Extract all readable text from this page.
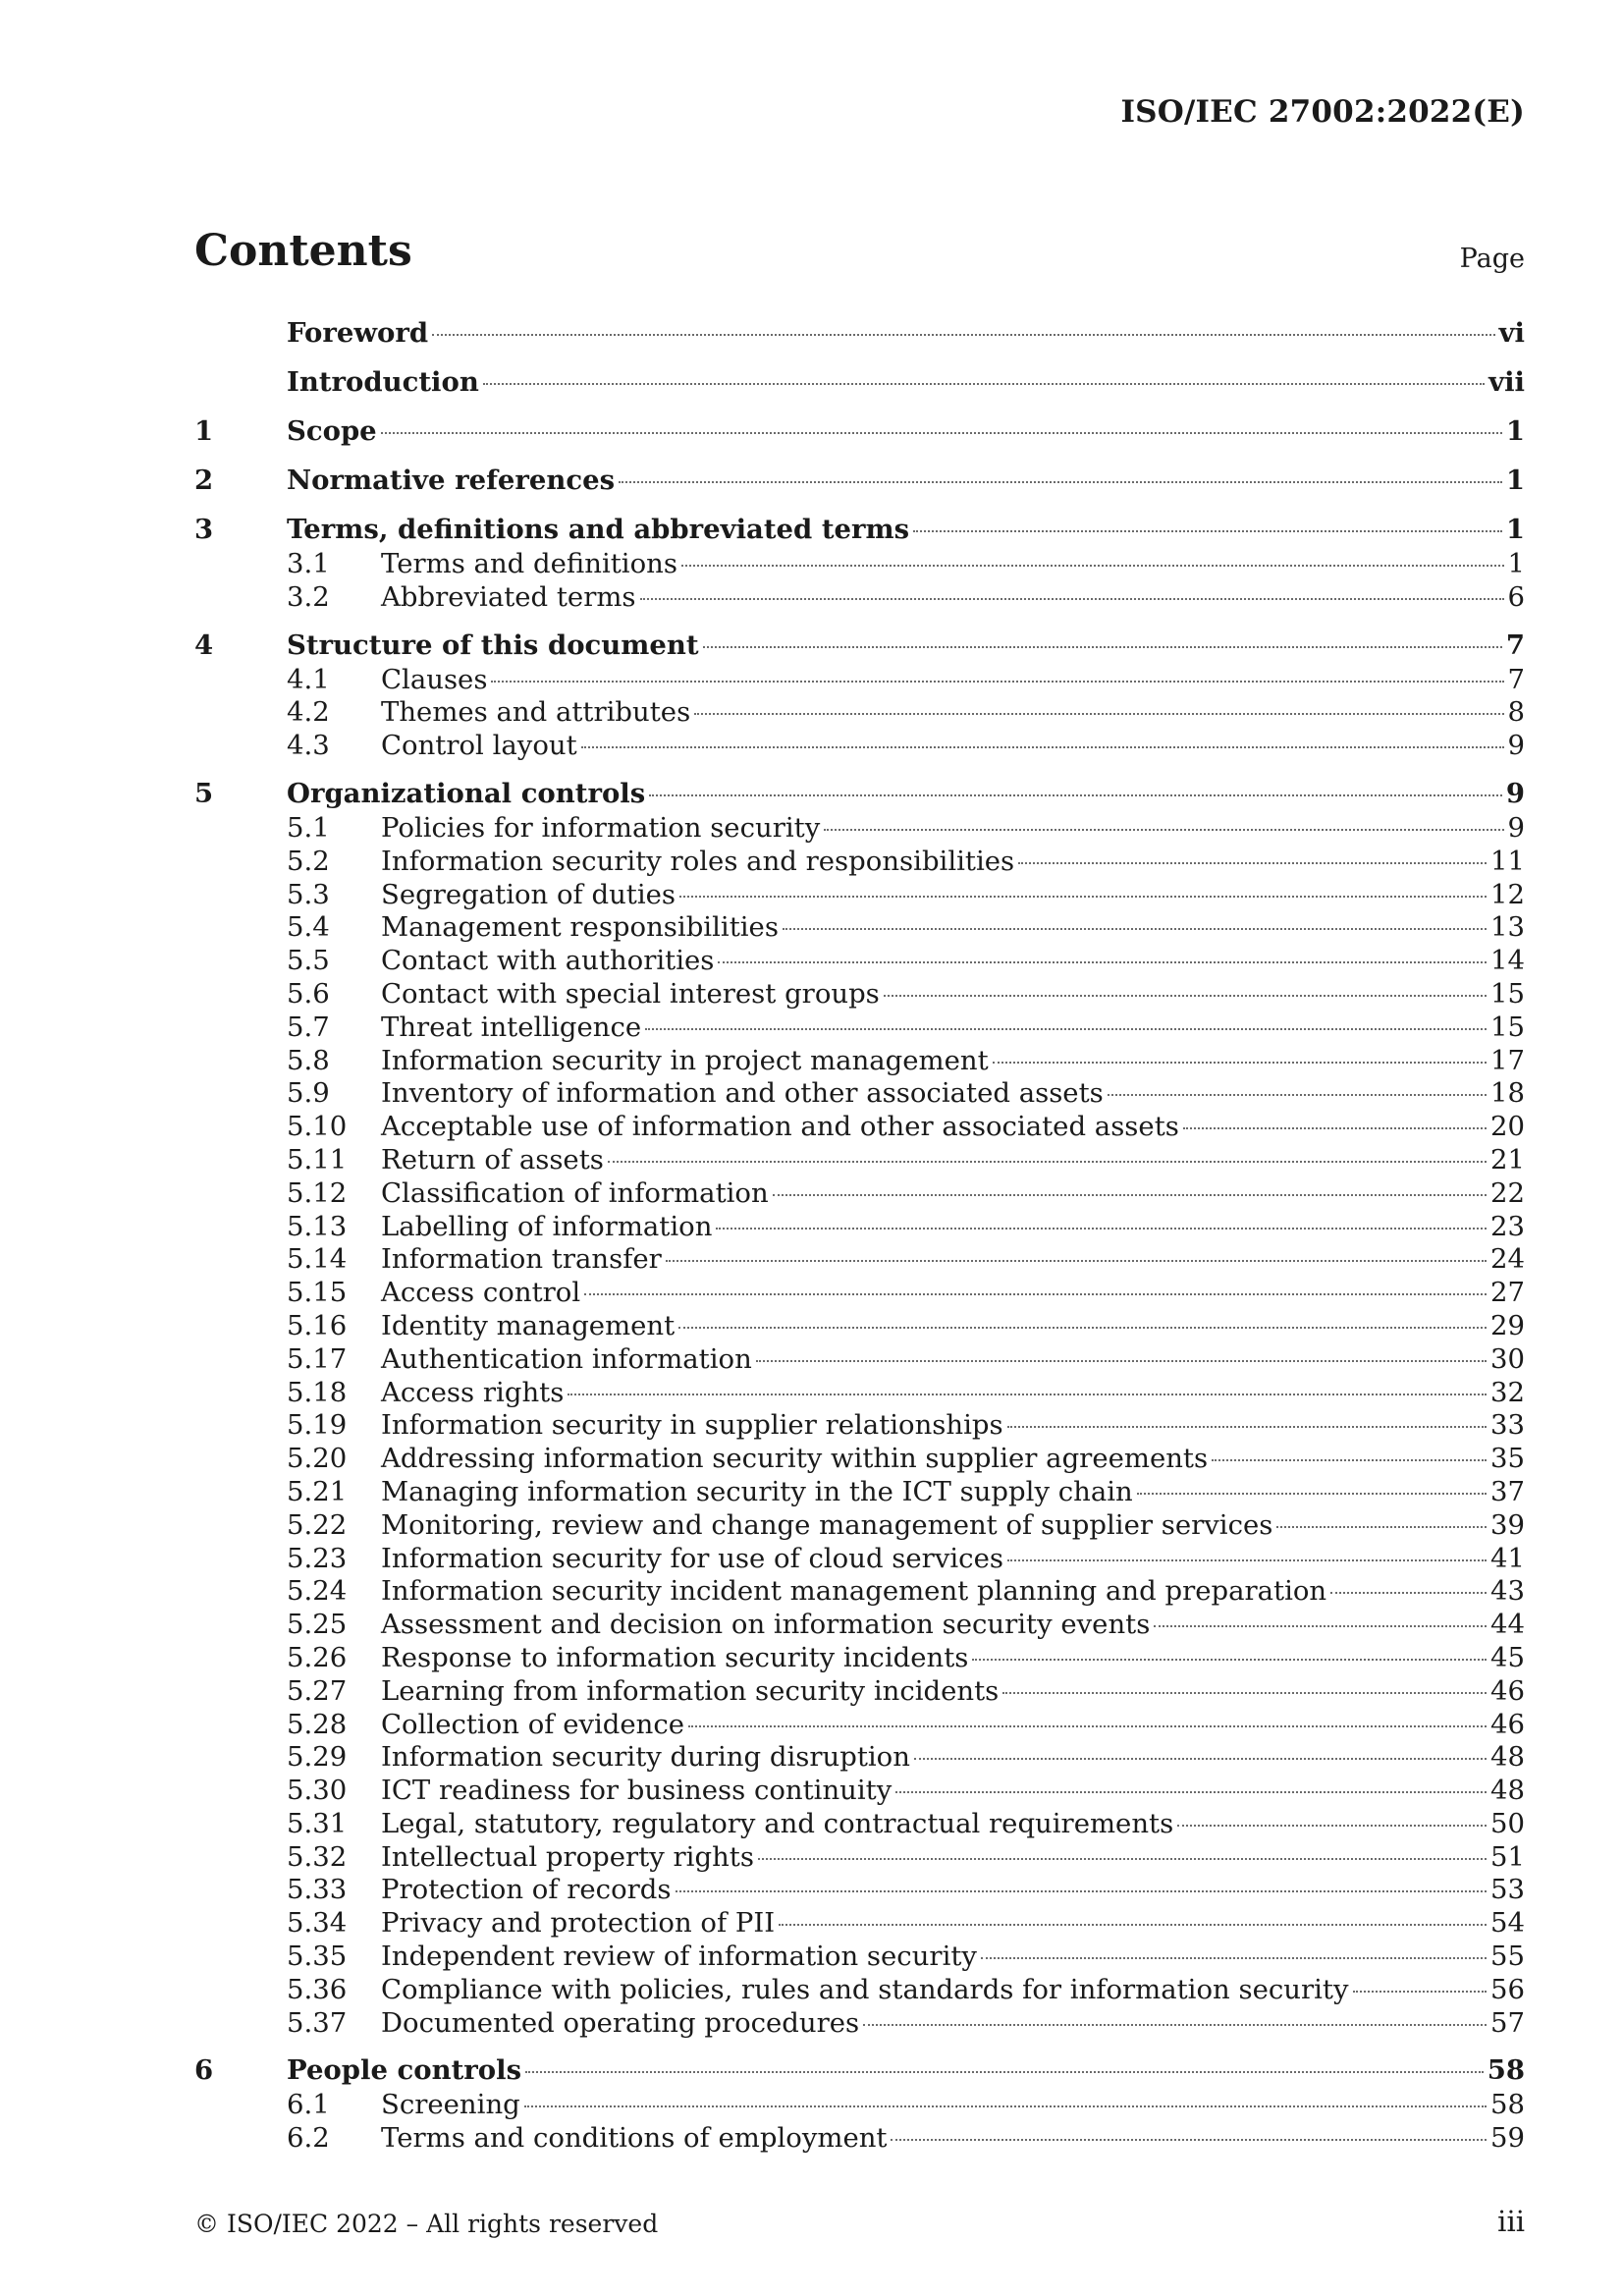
ISO/IEC 27002:2022(E)
Contents	Page
Foreword	vi
Introduction	vii
1	Scope	1
2	Normative references	1
3	Terms, definitions and abbreviated terms	1
3.1	Terms and definitions	1
3.2	Abbreviated terms	6
4	Structure of this document	7
4.1	Clauses	7
4.2	Themes and attributes	8
4.3	Control layout	9
5	Organizational controls	9
5.1	Policies for information security	9
5.2	Information security roles and responsibilities	11
5.3	Segregation of duties	12
5.4	Management responsibilities	13
5.5	Contact with authorities	14
5.6	Contact with special interest groups	15
5.7	Threat intelligence	15
5.8	Information security in project management	17
5.9	Inventory of information and other associated assets	18
5.10	Acceptable use of information and other associated assets	20
5.11	Return of assets	21
5.12	Classification of information	22
5.13	Labelling of information	23
5.14	Information transfer	24
5.15	Access control	27
5.16	Identity management	29
5.17	Authentication information	30
5.18	Access rights	32
5.19	Information security in supplier relationships	33
5.20	Addressing information security within supplier agreements	35
5.21	Managing information security in the ICT supply chain	37
5.22	Monitoring, review and change management of supplier services	39
5.23	Information security for use of cloud services	41
5.24	Information security incident management planning and preparation	43
5.25	Assessment and decision on information security events	44
5.26	Response to information security incidents	45
5.27	Learning from information security incidents	46
5.28	Collection of evidence	46
5.29	Information security during disruption	48
5.30	ICT readiness for business continuity	48
5.31	Legal, statutory, regulatory and contractual requirements	50
5.32	Intellectual property rights	51
5.33	Protection of records	53
5.34	Privacy and protection of PII	54
5.35	Independent review of information security	55
5.36	Compliance with policies, rules and standards for information security	56
5.37	Documented operating procedures	57
6	People controls	58
6.1	Screening	58
6.2	Terms and conditions of employment	59
© ISO/IEC 2022 – All rights reserved	iii
